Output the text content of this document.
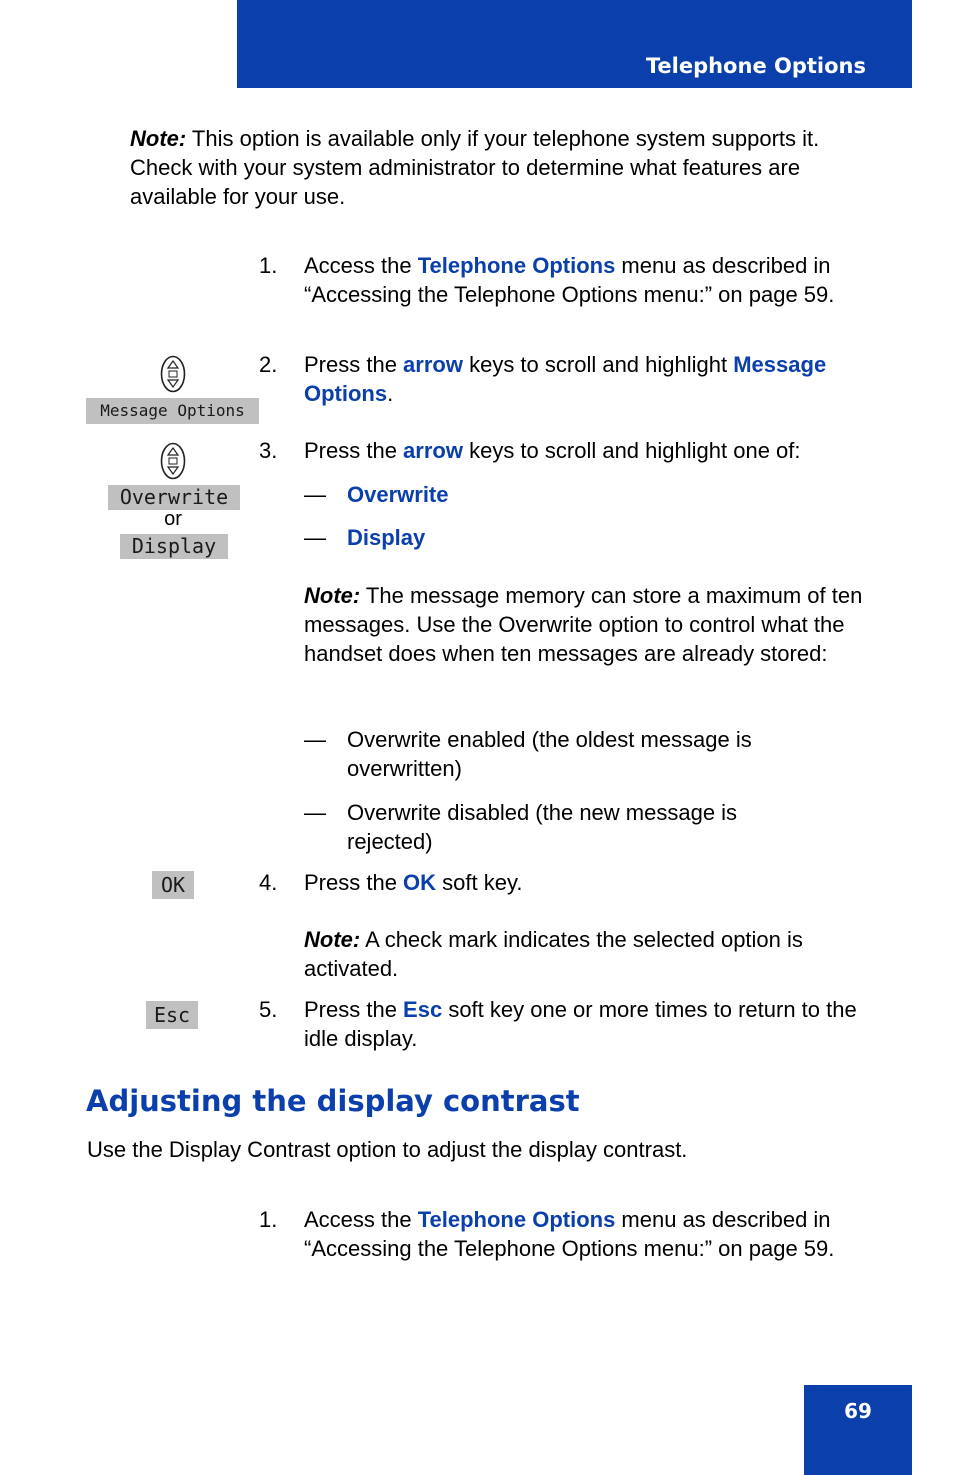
Telephone Options
Note: This option is available only if your telephone system supports it. Check with your system administrator to determine what features are available for your use.
1. Access the Telephone Options menu as described in “Accessing the Telephone Options menu:” on page 59.
Message Options
2. Press the arrow keys to scroll and highlight Message Options.
Overwrite
or
Display
3. Press the arrow keys to scroll and highlight one of:
— Overwrite
— Display
Note: The message memory can store a maximum of ten messages. Use the Overwrite option to control what the handset does when ten messages are already stored:
— Overwrite enabled (the oldest message is overwritten)
— Overwrite disabled (the new message is rejected)
OK	4. Press the OK soft key.
Note: A check mark indicates the selected option is activated.
Esc	5. Press the Esc soft key one or more times to return to the idle display.
Adjusting the display contrast
Use the Display Contrast option to adjust the display contrast.
1. Access the Telephone Options menu as described in “Accessing the Telephone Options menu:” on page 59.
69
